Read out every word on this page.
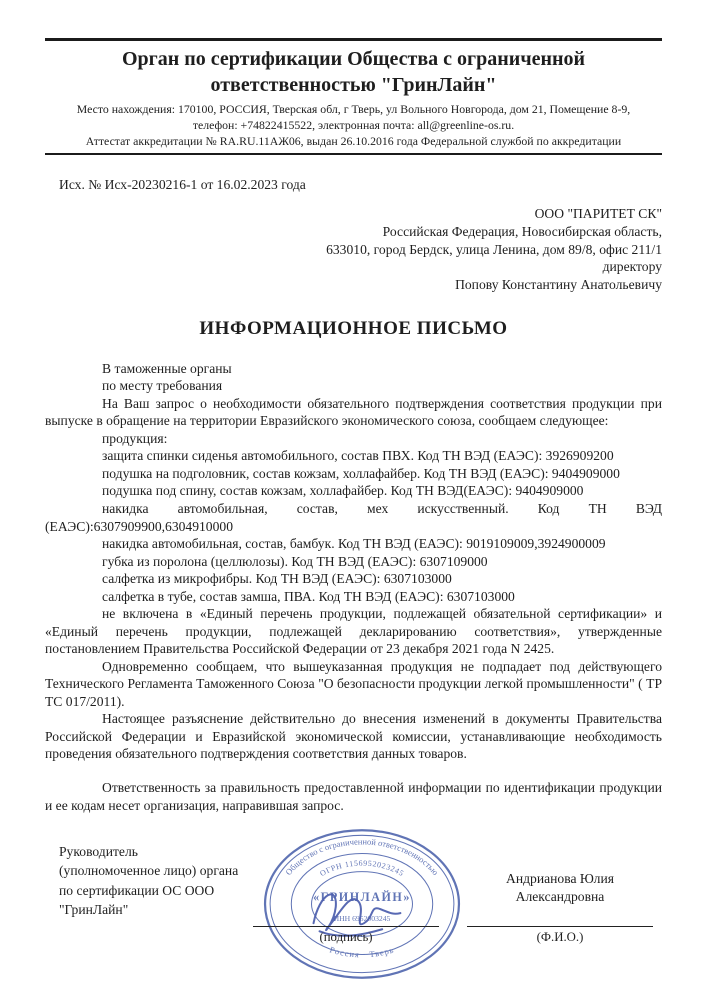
Орган по сертификации Общества с ограниченной
ответственностью "ГринЛайн"
Место нахождения: 170100, РОССИЯ, Тверская обл, г Тверь, ул Вольного Новгорода, дом 21, Помещение 8-9,
телефон: +74822415522, электронная почта: all@greenline-os.ru.
Аттестат аккредитации № RA.RU.11АЖ06, выдан 26.10.2016 года Федеральной службой по аккредитации
Исх. № Исх-20230216-1 от 16.02.2023 года
ООО "ПАРИТЕТ СК"
Российская Федерация, Новосибирская область,
633010, город Бердск, улица Ленина, дом 89/8, офис 211/1
директору
Попову Константину Анатольевичу
ИНФОРМАЦИОННОЕ ПИСЬМО

В таможенные органы

по месту требования

На Ваш запрос о необходимости обязательного подтверждения соответствия продукции при выпуске в обращение на территории Евразийского экономического союза, сообщаем следующее:

продукция:

защита спинки сиденья автомобильного, состав ПВХ. Код ТН ВЭД (ЕАЭС): 3926909200

подушка на подголовник, состав кожзам, холлафайбер. Код ТН ВЭД (ЕАЭС): 9404909000

подушка под спину, состав кожзам, холлафайбер. Код ТН ВЭД(ЕАЭС): 9404909000

накидка автомобильная, состав, мех искусственный. Код ТН ВЭД (ЕАЭС):6307909900,6304910000

накидка автомобильная, состав, бамбук. Код ТН ВЭД (ЕАЭС): 9019109009,3924900009

губка из поролона (целлюлозы). Код ТН ВЭД (ЕАЭС): 6307109000

салфетка из микрофибры. Код ТН ВЭД (ЕАЭС): 6307103000

салфетка в тубе, состав замша, ПВА. Код ТН ВЭД (ЕАЭС): 6307103000

не включена в «Единый перечень продукции, подлежащей обязательной сертификации» и «Единый перечень продукции, подлежащей декларированию соответствия», утвержденные постановлением Правительства Российской Федерации от 23 декабря 2021 года N 2425.

Одновременно сообщаем, что вышеуказанная продукция не подпадает под действующего Технического Регламента Таможенного Союза "О безопасности продукции легкой промышленности" ( ТР ТС 017/2011).

Настоящее разъяснение действительно до внесения изменений в документы Правительства Российской Федерации и Евразийской экономической комиссии, устанавливающие необходимость проведения обязательного подтверждения соответствия данных товаров.

Ответственность за правильность предоставленной информации по идентификации продукции и ее кодам несет организация, направившая запрос.

Руководитель
(уполномоченное лицо) органа
по сертификации ОС ООО
"ГринЛайн"
Общество с ограниченной ответственностью
ОГРН 1156952023245
«ГРИНЛАЙН»
ИНН 6952003245
Россия · Тверь
(подпись)
Андрианова Юлия
Александровна
(Ф.И.О.)
